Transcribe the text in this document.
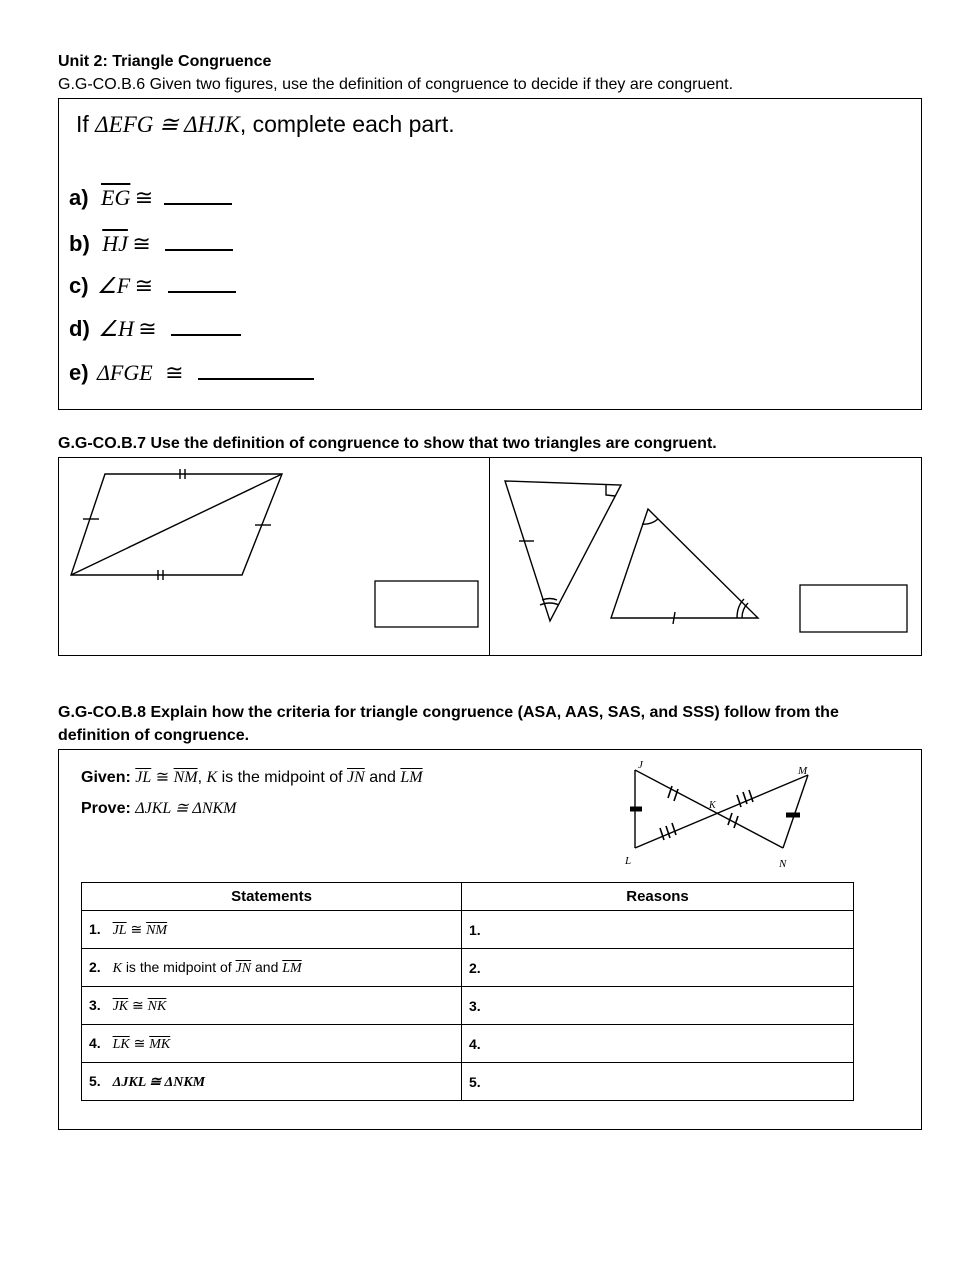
Unit 2: Triangle Congruence
G.G-CO.B.6 Given two figures, use the definition of congruence to decide if they are congruent.
If ΔEFG ≅ ΔHJK, complete each part.
a) $\overline{EG}$ ≅
b) $\overline{HJ}$ ≅
c) ∠F ≅
d) ∠H ≅
e) ΔFGE ≅
G.G-CO.B.7 Use the definition of congruence to show that two triangles are congruent.
G.G-CO.B.8 Explain how the criteria for triangle congruence (ASA, AAS, SAS, and SSS) follow from the
definition of congruence.
Given: $\overline{JL}$ ≅ $\overline{NM}$, K is the midpoint of $\overline{JN}$ and $\overline{LM}$
Prove: ΔJKL ≅ ΔNKM
J	M
K
L	N
Statements	Reasons
1. $\overline{JL}$ ≅ $\overline{NM}$	1.
2. K is the midpoint of $\overline{JN}$ and $\overline{LM}$	2.
3. $\overline{JK}$ ≅ $\overline{NK}$	3.
4. $\overline{LK}$ ≅ $\overline{MK}$	4.
5. ΔJKL ≅ ΔNKM	5.
